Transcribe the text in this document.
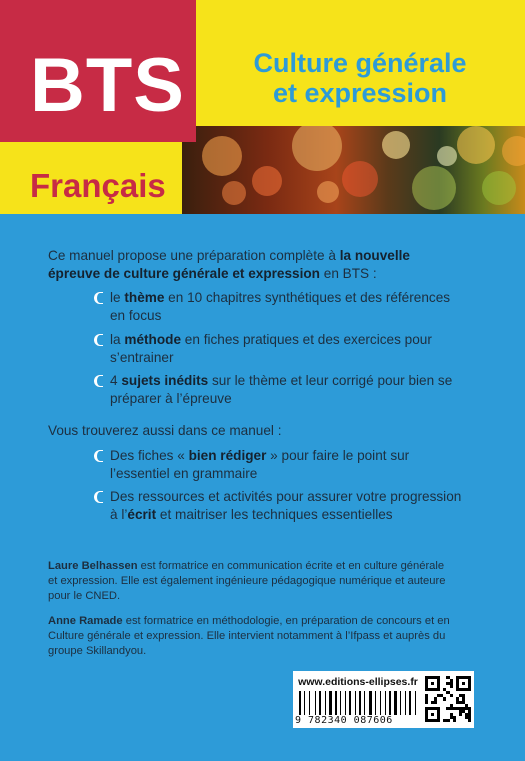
BTS	Culture générale
et expression
Français
Ce manuel propose une préparation complète à la nouvelle
épreuve de culture générale et expression en BTS :
le thème en 10 chapitres synthétiques et des références
en focus
la méthode en fiches pratiques et des exercices pour
s’entrainer
4 sujets inédits sur le thème et leur corrigé pour bien se
préparer à l’épreuve
Vous trouverez aussi dans ce manuel :
Des fiches « bien rédiger » pour faire le point sur
l’essentiel en grammaire
Des ressources et activités pour assurer votre progression
à l’écrit et maitriser les techniques essentielles
Laure Belhassen est formatrice en communication écrite et en culture générale
et expression. Elle est également ingénieure pédagogique numérique et auteure
pour le CNED.
Anne Ramade est formatrice en méthodologie, en préparation de concours et en
Culture générale et expression. Elle intervient notamment à l’Ifpass et auprès du
groupe Skillandyou.
www.editions-ellipses.fr
9 782340 087606
